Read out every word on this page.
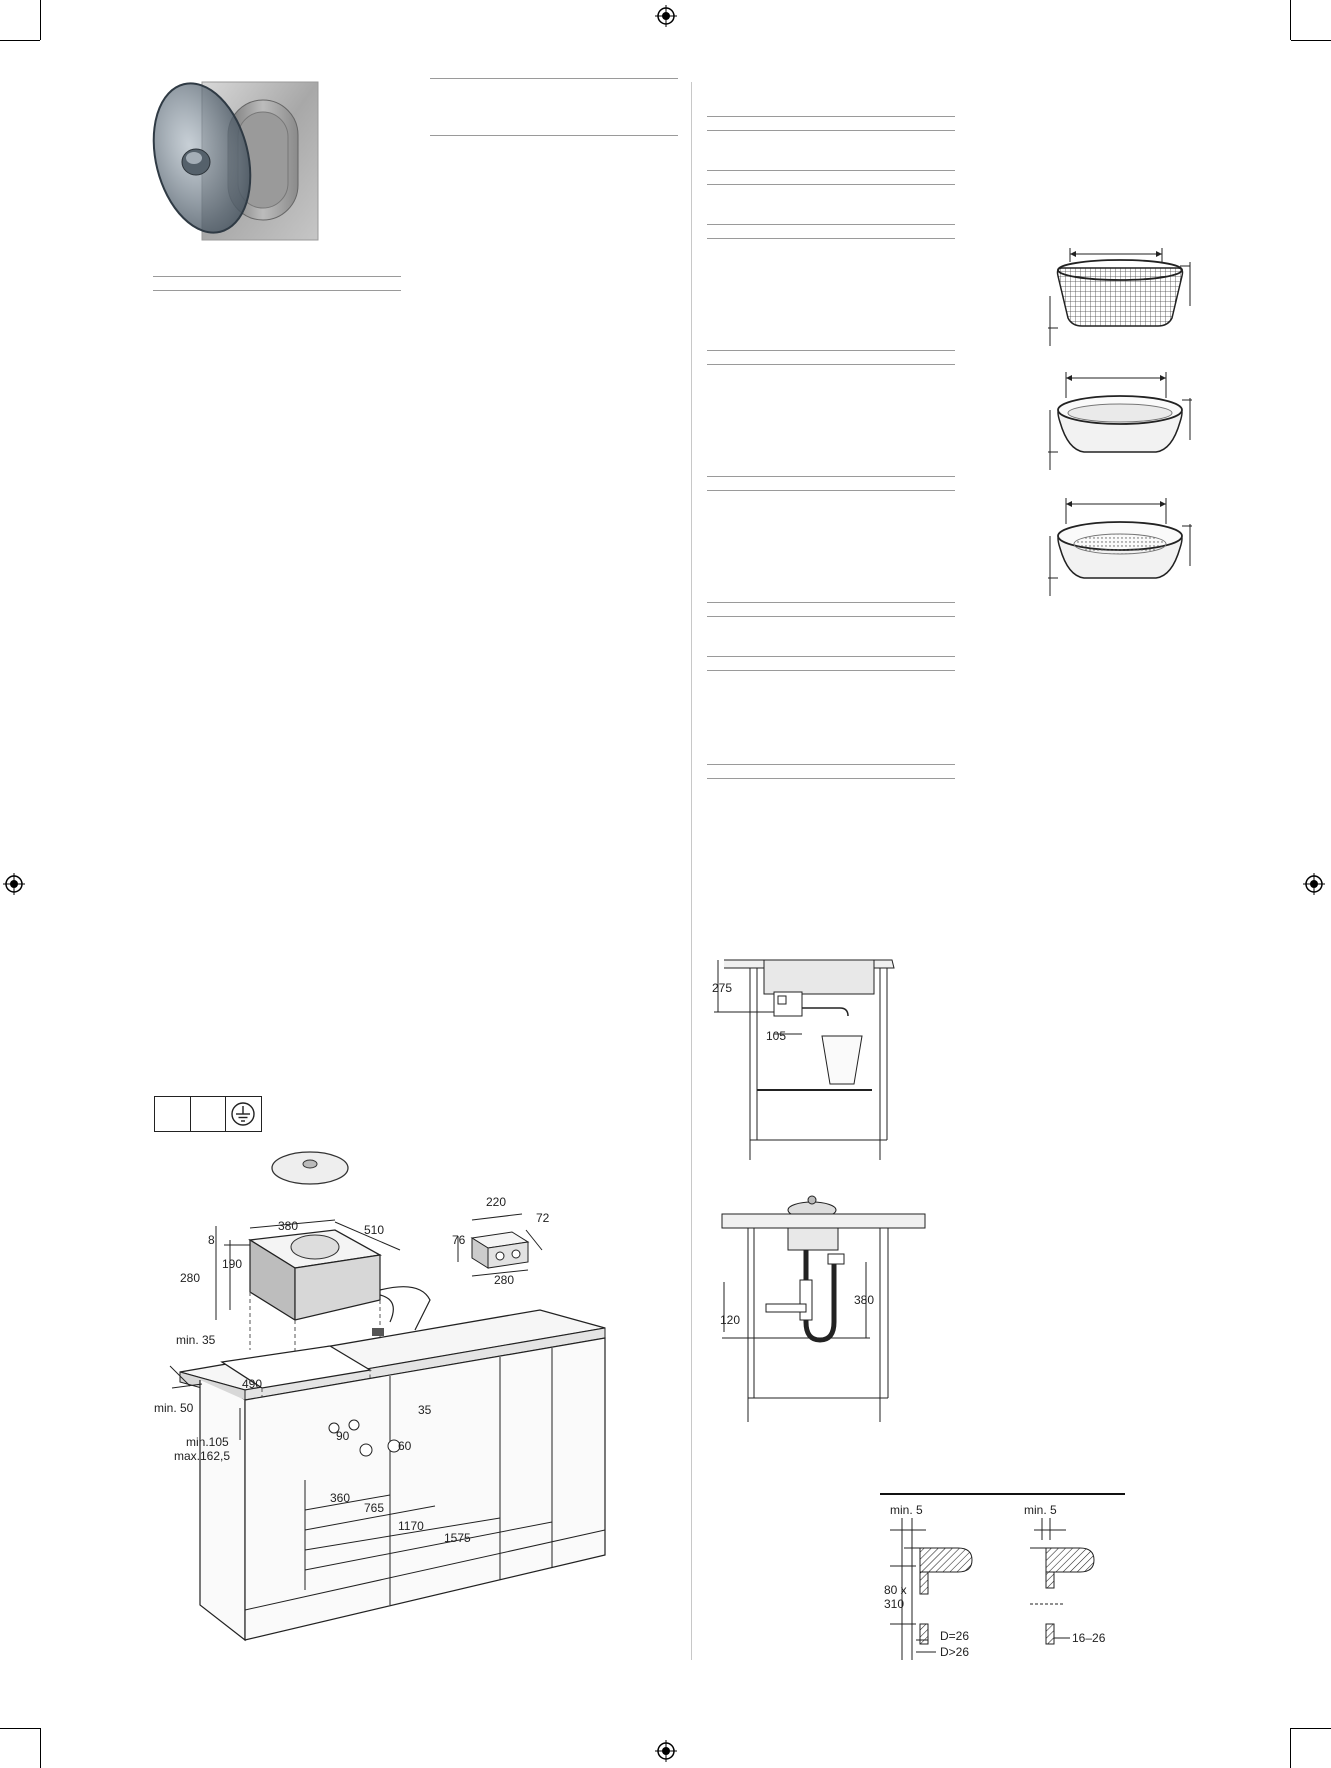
380	510
8
190
280
220
72
76
280
min. 35
490
min. 50	35
min.105
max.162,5
90
60
360
765
1170
1575
275
105
120
380
min. 5	min. 5
80 x
310
D=26
D>26
16–26
